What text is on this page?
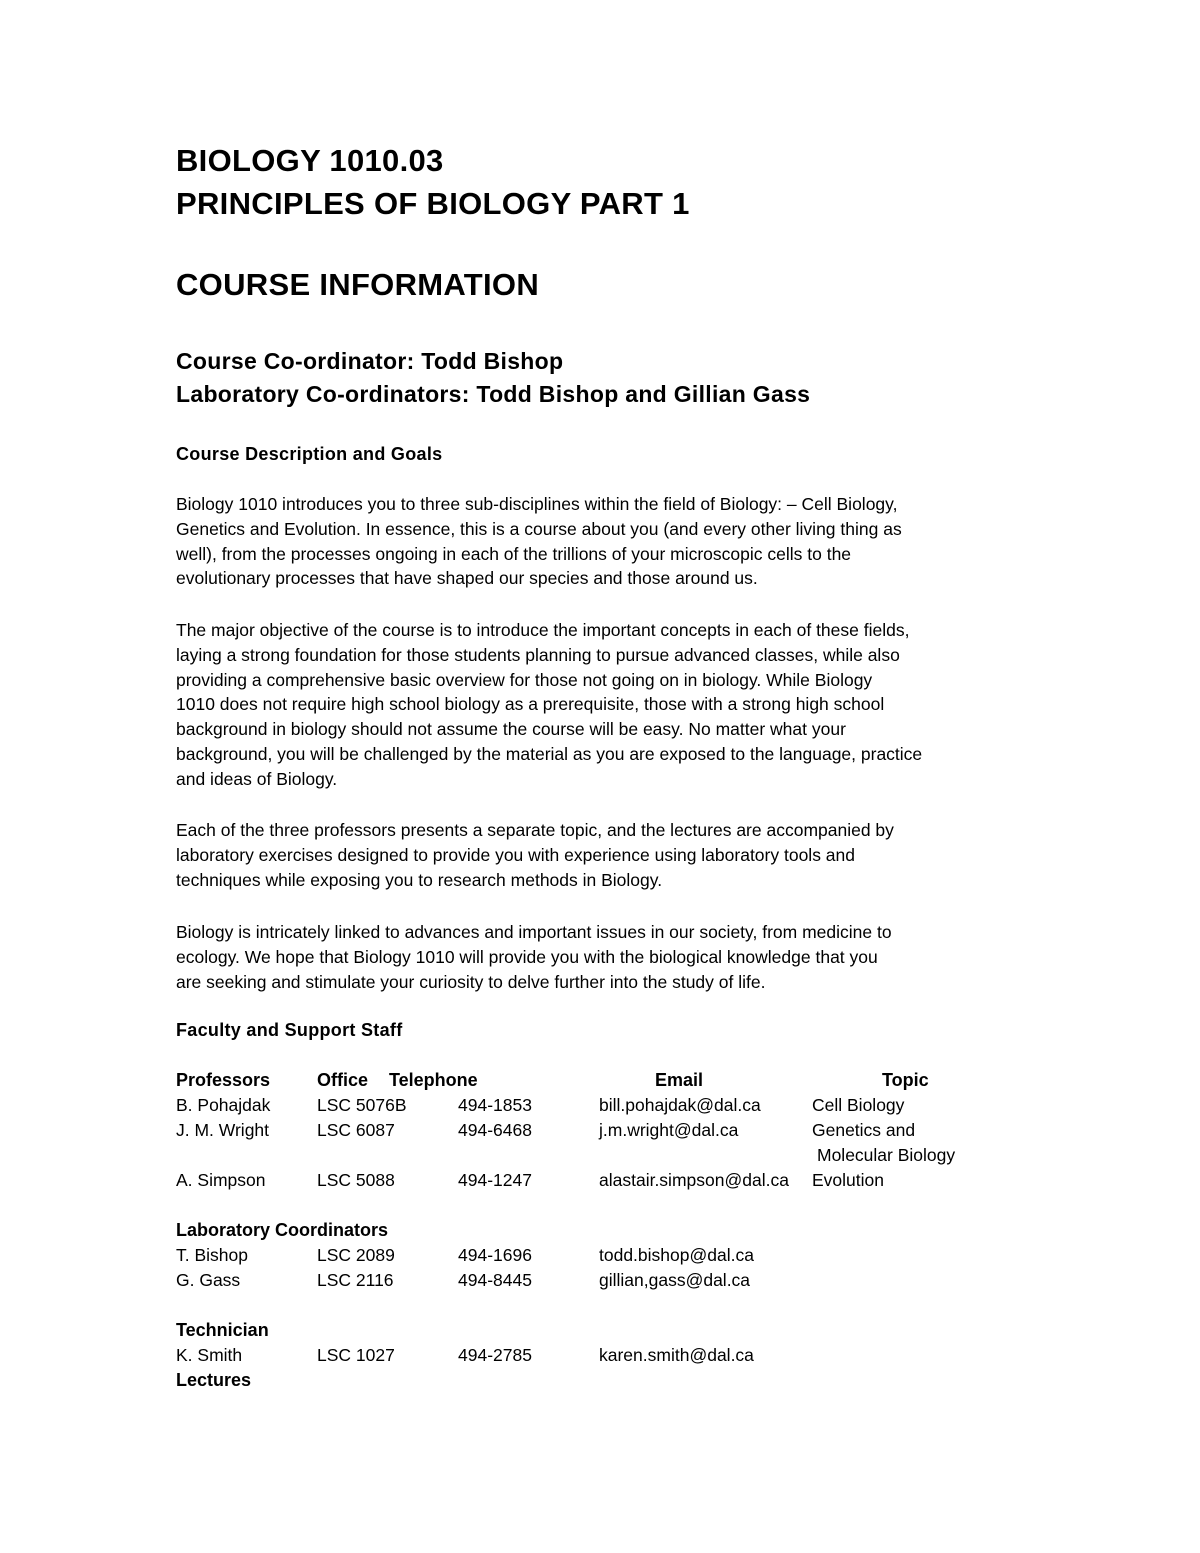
BIOLOGY 1010.03
PRINCIPLES OF BIOLOGY PART 1
COURSE INFORMATION
Course Co-ordinator: Todd Bishop
Laboratory Co-ordinators: Todd Bishop and Gillian Gass
Course Description and Goals
Biology 1010 introduces you to three sub-disciplines within the field of Biology: – Cell Biology,
Genetics and Evolution. In essence, this is a course about you (and every other living thing as
well), from the processes ongoing in each of the trillions of your microscopic cells to the
evolutionary processes that have shaped our species and those around us.
The major objective of the course is to introduce the important concepts in each of these fields,
laying a strong foundation for those students planning to pursue advanced classes, while also
providing a comprehensive basic overview for those not going on in biology. While Biology
1010 does not require high school biology as a prerequisite, those with a strong high school
background in biology should not assume the course will be easy. No matter what your
background, you will be challenged by the material as you are exposed to the language, practice
and ideas of Biology.
Each of the three professors presents a separate topic, and the lectures are accompanied by
laboratory exercises designed to provide you with experience using laboratory tools and
techniques while exposing you to research methods in Biology.
Biology is intricately linked to advances and important issues in our society, from medicine to
ecology. We hope that Biology 1010 will provide you with the biological knowledge that you
are seeking and stimulate your curiosity to delve further into the study of life.
Faculty and Support Staff
Professors	Office Telephone	Email	Topic
B. Pohajdak	LSC 5076B	494-1853	bill.pohajdak@dal.ca	Cell Biology
J. M. Wright	LSC 6087	494-6468	j.m.wright@dal.ca	Genetics and
Molecular Biology
A. Simpson	LSC 5088	494-1247	alastair.simpson@dal.ca Evolution
Laboratory Coordinators
T. Bishop	LSC 2089	494-1696	todd.bishop@dal.ca
G. Gass	LSC 2116	494-8445	gillian,gass@dal.ca
Technician
K. Smith	LSC 1027	494-2785	karen.smith@dal.ca
Lectures
